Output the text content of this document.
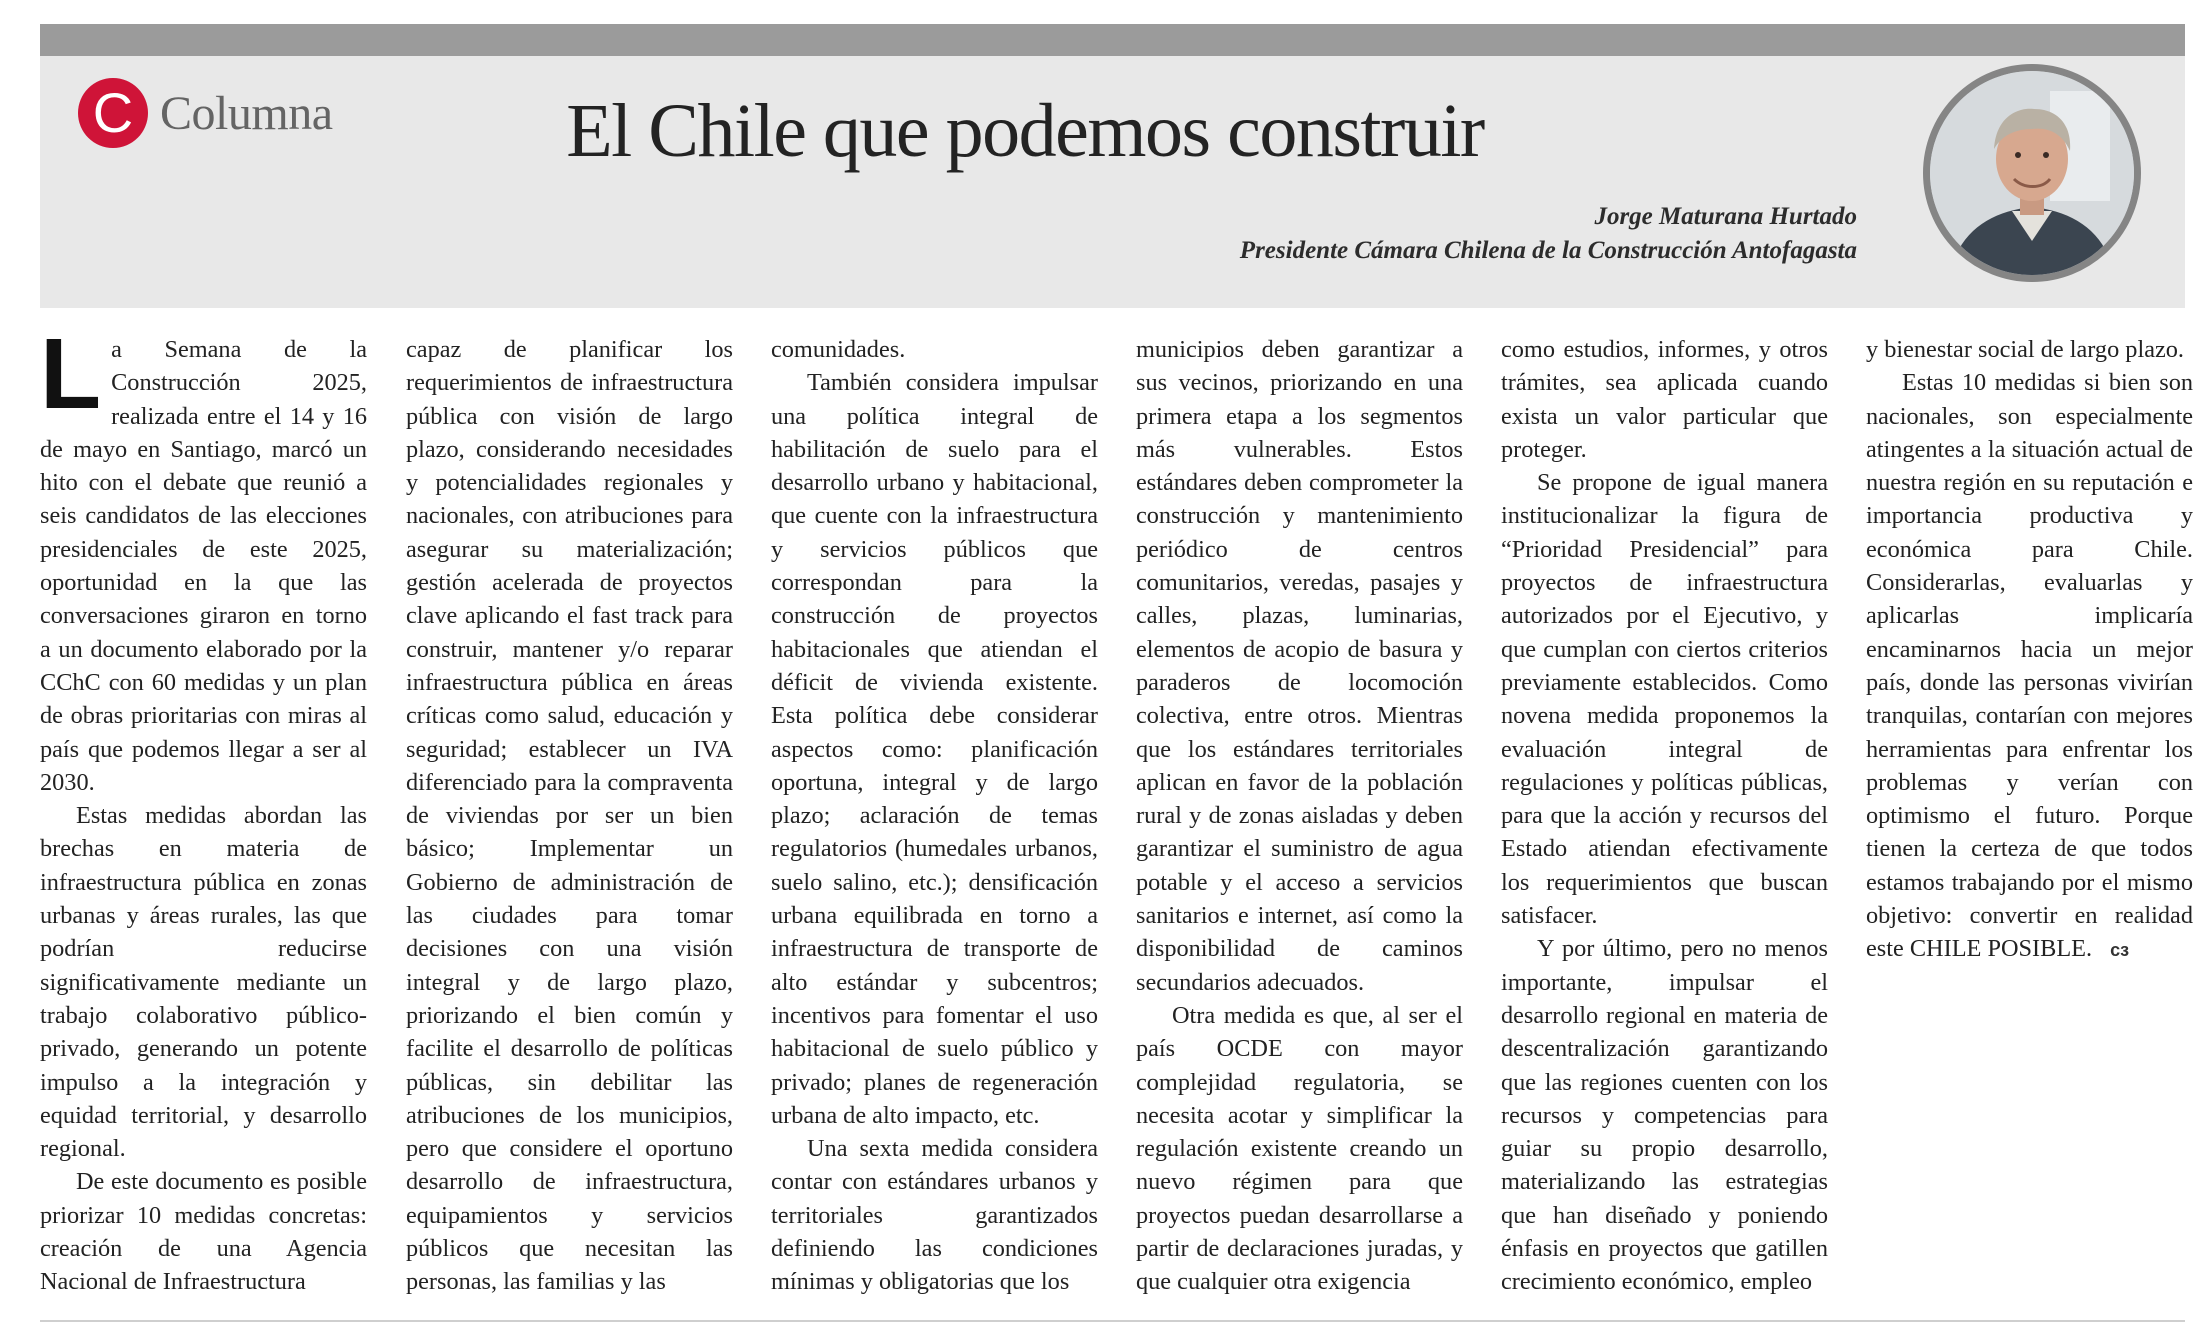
C Columna	El Chile que podemos construir
Jorge Maturana Hurtado
Presidente Cámara Chilena de la Construcción Antofagasta

La Semana de la Construcción 2025, realizada entre el 14 y 16 de mayo en Santiago, marcó un hito con el debate que reunió a seis candidatos de las elecciones presidenciales de este 2025, oportunidad en la que las conversaciones giraron en torno a un documento elaborado por la CChC con 60 medidas y un plan de obras prioritarias con miras al país que podemos llegar a ser al 2030.

Estas medidas abordan las brechas en materia de infraestructura pública en zonas urbanas y áreas rurales, las que podrían reducirse significativamente mediante un trabajo colaborativo público-privado, generando un potente impulso a la integración y equidad territorial, y desarrollo regional.

De este documento es posible priorizar 10 medidas concretas: creación de una Agencia Nacional de Infraestructura

capaz de planificar los requerimientos de infraestructura pública con visión de largo plazo, considerando necesidades y potencialidades regionales y nacionales, con atribuciones para asegurar su materialización; gestión acelerada de proyectos clave aplicando el fast track para construir, mantener y/o reparar infraestructura pública en áreas críticas como salud, educación y seguridad; establecer un IVA diferenciado para la compraventa de viviendas por ser un bien básico; Implementar un Gobierno de administración de las ciudades para tomar decisiones con una visión integral y de largo plazo, priorizando el bien común y facilite el desarrollo de políticas públicas, sin debilitar las atribuciones de los municipios, pero que considere el oportuno desarrollo de infraestructura, equipamientos y servicios públicos que necesitan las personas, las familias y las

comunidades.

También considera impulsar una política integral de habilitación de suelo para el desarrollo urbano y habitacional, que cuente con la infraestructura y servicios públicos que correspondan para la construcción de proyectos habitacionales que atiendan el déficit de vivienda existente. Esta política debe considerar aspectos como: planificación oportuna, integral y de largo plazo; aclaración de temas regulatorios (humedales urbanos, suelo salino, etc.); densificación urbana equilibrada en torno a infraestructura de transporte de alto estándar y subcentros; incentivos para fomentar el uso habitacional de suelo público y privado; planes de regeneración urbana de alto impacto, etc.

Una sexta medida considera contar con estándares urbanos y territoriales garantizados definiendo las condiciones mínimas y obligatorias que los

municipios deben garantizar a sus vecinos, priorizando en una primera etapa a los segmentos más vulnerables. Estos estándares deben comprometer la construcción y mantenimiento periódico de centros comunitarios, veredas, pasajes y calles, plazas, luminarias, elementos de acopio de basura y paraderos de locomoción colectiva, entre otros. Mientras que los estándares territoriales aplican en favor de la población rural y de zonas aisladas y deben garantizar el suministro de agua potable y el acceso a servicios sanitarios e internet, así como la disponibilidad de caminos secundarios adecuados.

Otra medida es que, al ser el país OCDE con mayor complejidad regulatoria, se necesita acotar y simplificar la regulación existente creando un nuevo régimen para que proyectos puedan desarrollarse a partir de declaraciones juradas, y que cualquier otra exigencia

como estudios, informes, y otros trámites, sea aplicada cuando exista un valor particular que proteger.

Se propone de igual manera institucionalizar la figura de “Prioridad Presidencial” para proyectos de infraestructura autorizados por el Ejecutivo, y que cumplan con ciertos criterios previamente establecidos. Como novena medida proponemos la evaluación integral de regulaciones y políticas públicas, para que la acción y recursos del Estado atiendan efectivamente los requerimientos que buscan satisfacer.

Y por último, pero no menos importante, impulsar el desarrollo regional en materia de descentralización garantizando que las regiones cuenten con los recursos y competencias para guiar su propio desarrollo, materializando las estrategias que han diseñado y poniendo énfasis en proyectos que gatillen crecimiento económico, empleo

y bienestar social de largo plazo.

Estas 10 medidas si bien son nacionales, son especialmente atingentes a la situación actual de nuestra región en su reputación e importancia productiva y económica para Chile. Considerarlas, evaluarlas y aplicarlas implicaría encaminarnos hacia un mejor país, donde las personas vivirían tranquilas, contarían con mejores herramientas para enfrentar los problemas y verían con optimismo el futuro. Porque tienen la certeza de que todos estamos trabajando por el mismo objetivo: convertir en realidad este CHILE POSIBLE. cз
